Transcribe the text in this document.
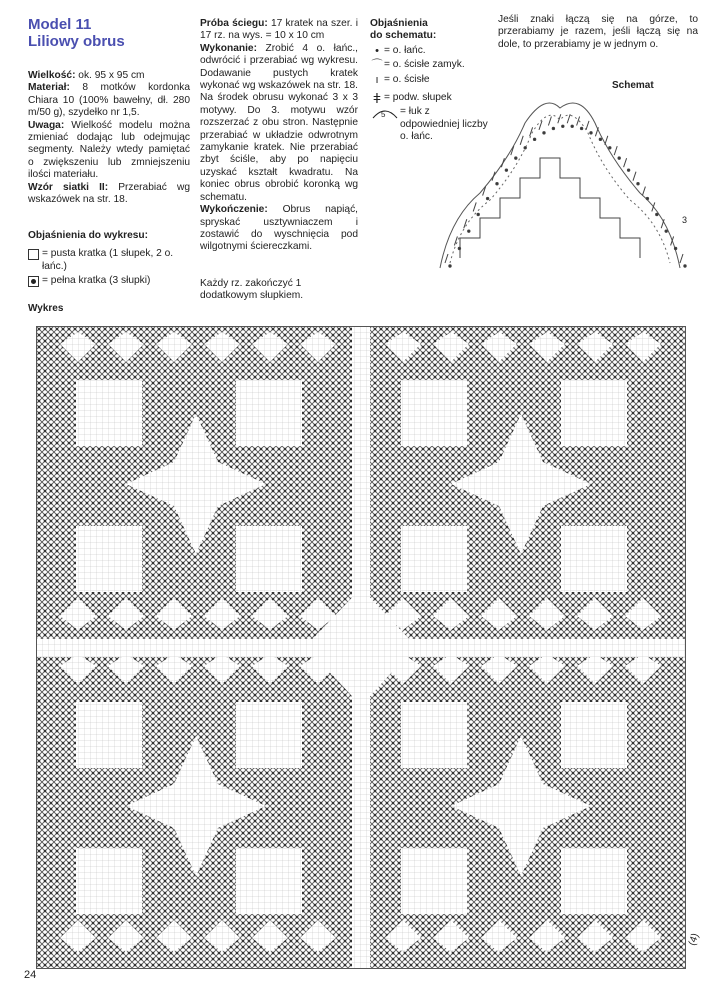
Model 11
Liliowy obrus

Wielkość: ok. 95 x 95 cm

Materiał: 8 motków kordonka Chiara 10 (100% bawełny, dł. 280 m/50 g), szydełko nr 1,5.

Uwaga: Wielkość modelu można zmieniać dodając lub odejmując segmenty. Należy wtedy pamiętać o zwiększeniu lub zmniejszeniu ilości materiału.

Wzór siatki II: Przerabiać wg wskazówek na str. 18.

Objaśnienia do wykresu:

= pusta kratka (1 słupek, 2 o. łańc.)
= pełna kratka (3 słupki)

Próba ściegu: 17 kratek na szer. i 17 rz. na wys. = 10 x 10 cm

Wykonanie: Zrobić 4 o. łańc., odwrócić i przerabiać wg wykresu. Dodawanie pustych kratek wykonać wg wskazówek na str. 18. Na środek obrusu wykonać 3 x 3 motywy. Do 3. motywu wzór rozszerzać z obu stron. Następnie przerabiać w układzie odwrotnym zamykanie kratek. Nie przerabiać zbyt ściśle, aby po napięciu uzyskać kształt kwadratu. Na koniec obrus obrobić koronką wg schematu.

Wykończenie: Obrus napiąć, spryskać usztywniaczem i zostawić do wyschnięcia pod wilgotnymi ściereczkami.

Każdy rz. zakończyć 1 dodatkowym słupkiem.

Objaśnienia

do schematu:

• = o. łańc.
⌒ = o. ścisłe zamyk.
ı = o. ścisłe
ǂ = podw. słupek
5 = łuk z odpowiedniej liczby o. łańc.
Jeśli znaki łączą się na górze, to przerabiamy je razem, jeśli łączą się na dole, to przerabiamy je w jednym o.
Schemat
3
Wykres
(4)
24
